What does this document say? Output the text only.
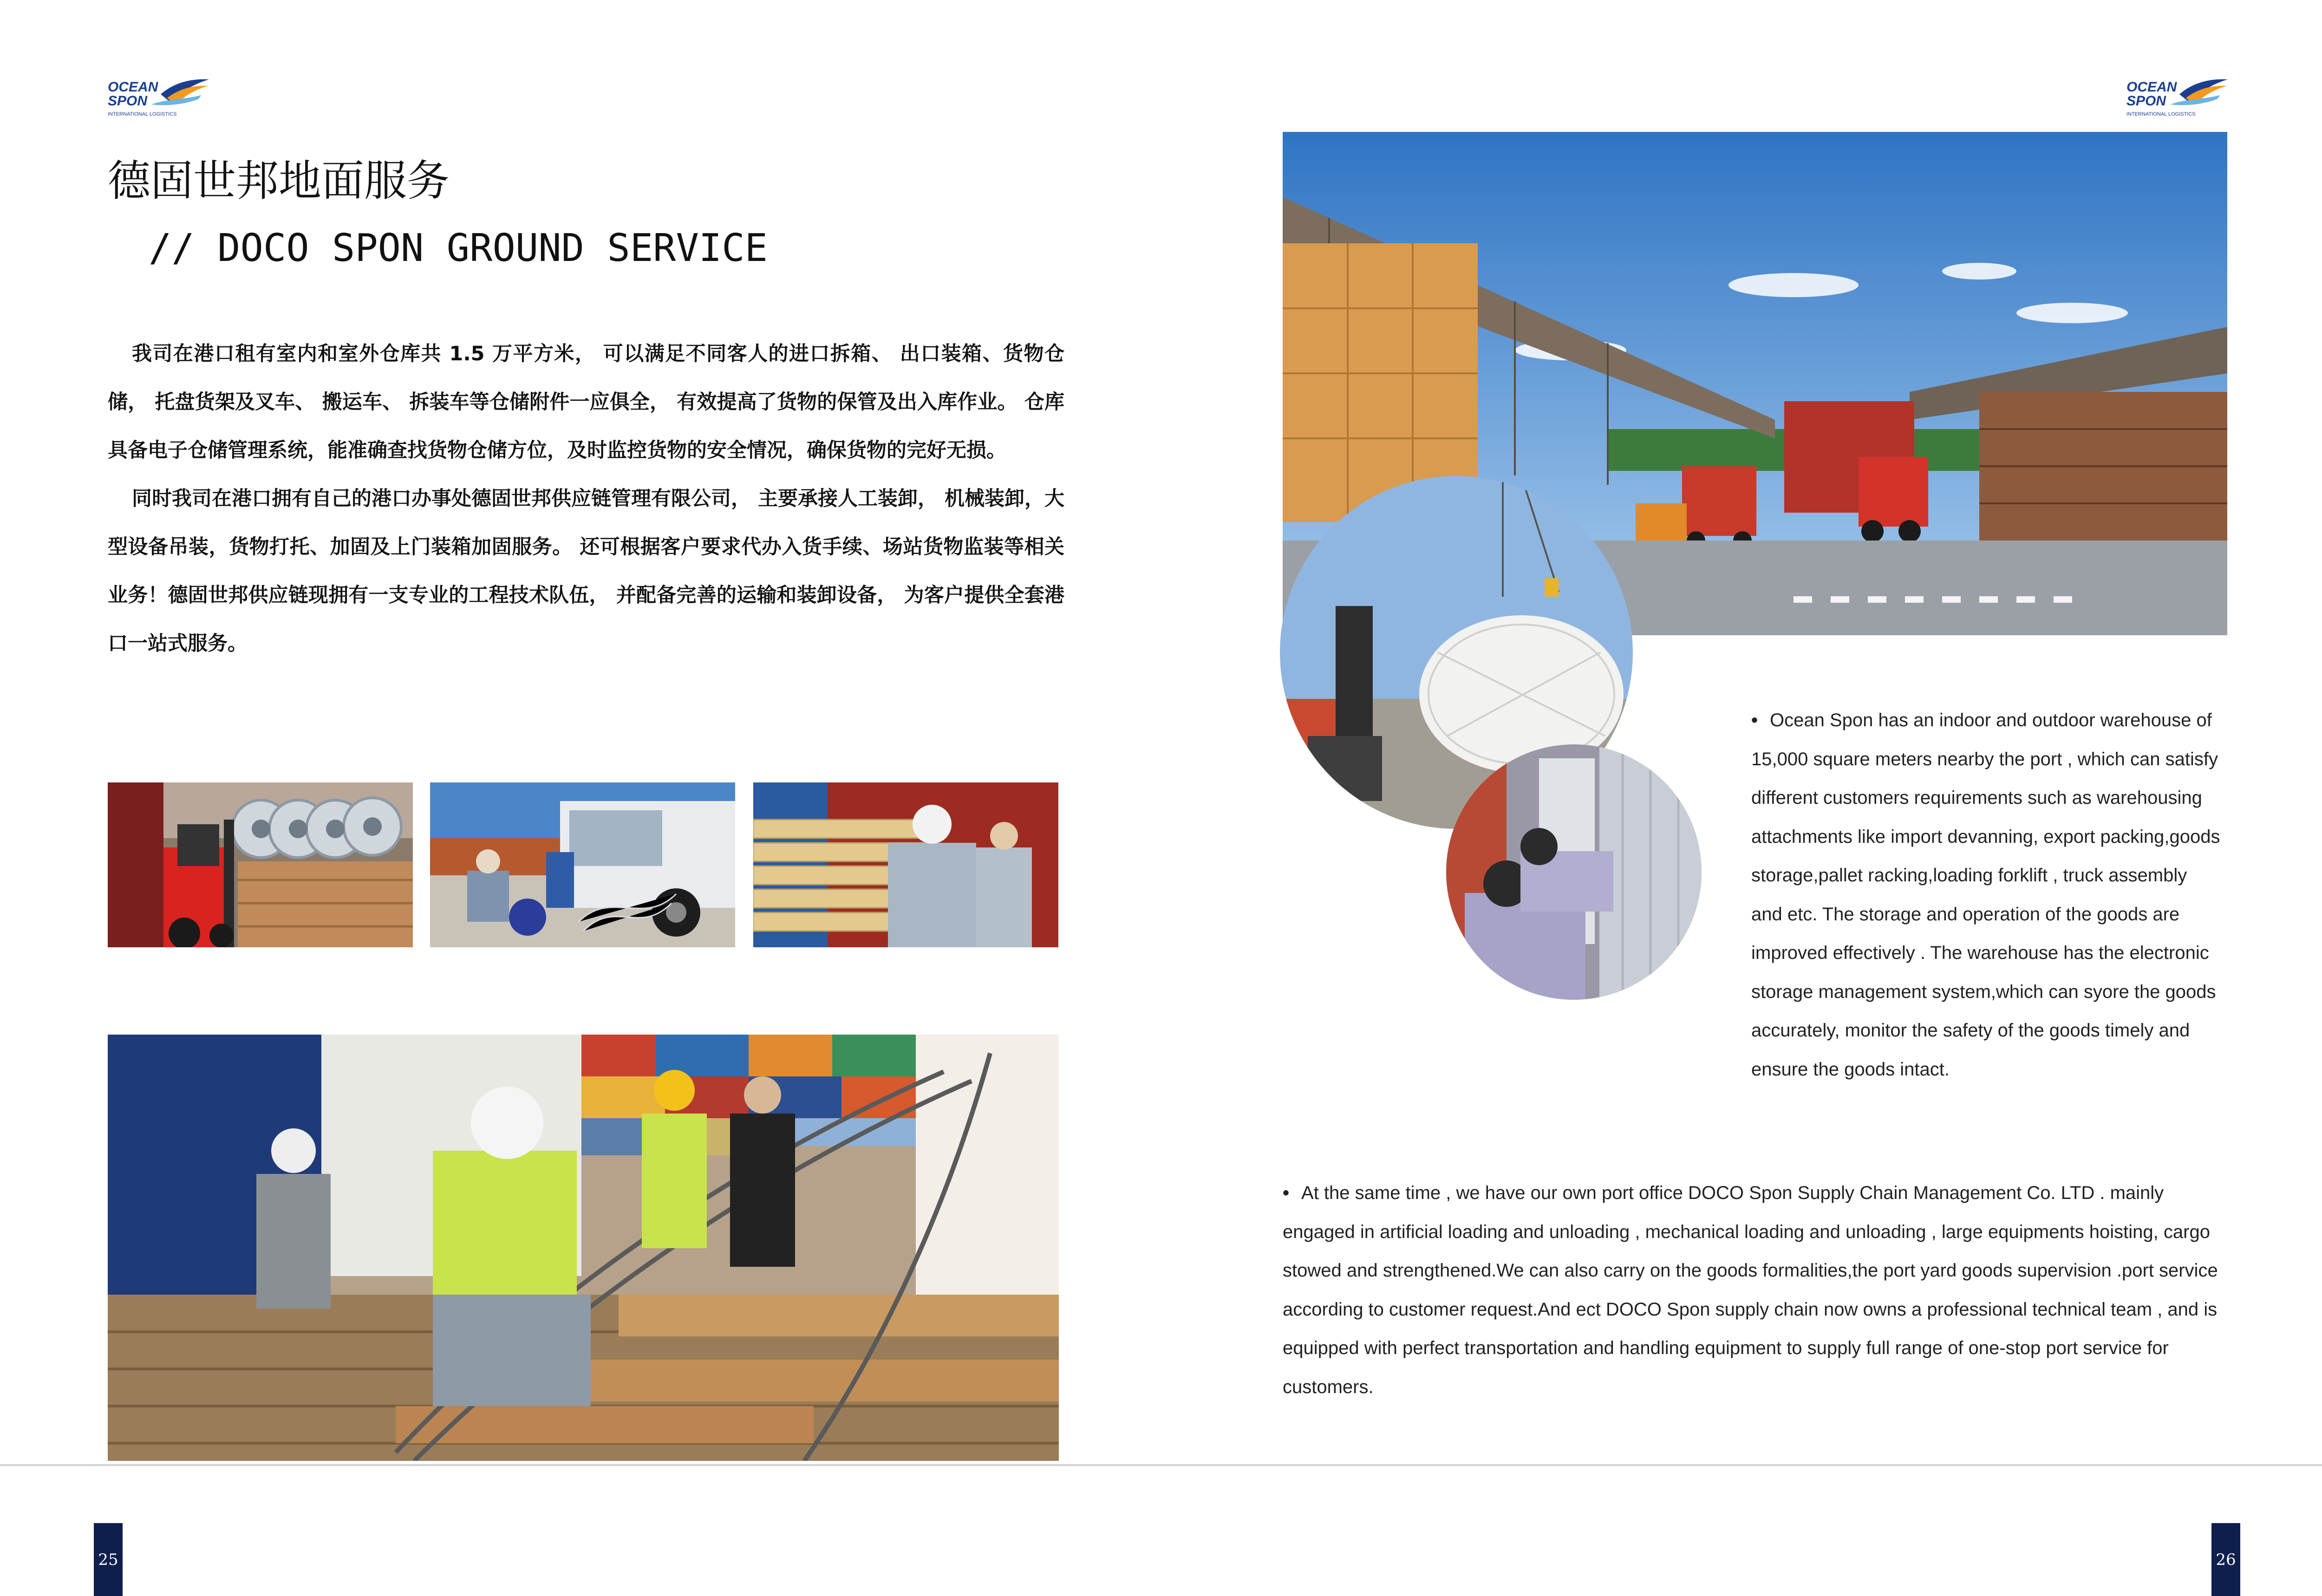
OCEAN
SPON
INTERNATIONAL LOGISTICS
OCEAN
SPON
INTERNATIONAL LOGISTICS
德固世邦地面服务
// DOCO SPON GROUND SERVICE

我司在港口租有室内和室外仓库共 1.5 万平方米， 可以满足不同客人的进口拆箱、 出口装箱、货物仓储， 托盘货架及叉车、 搬运车、 拆装车等仓储附件一应俱全， 有效提高了货物的保管及出入库作业。 仓库具备电子仓储管理系统，能准确查找货物仓储方位，及时监控货物的安全情况，确保货物的完好无损。

同时我司在港口拥有自己的港口办事处德固世邦供应链管理有限公司， 主要承接人工装卸， 机械装卸，大型设备吊装，货物打托、加固及上门装箱加固服务。 还可根据客户要求代办入货手续、场站货物监装等相关业务！德固世邦供应链现拥有一支专业的工程技术队伍， 并配备完善的运输和装卸设备， 为客户提供全套港口一站式服务。

• Ocean Spon has an indoor and outdoor warehouse of 15,000 square meters nearby the port , which can satisfy different customers requirements such as warehousing attachments like import devanning, export packing,goods storage,pallet racking,loading forklift , truck assembly and etc. The storage and operation of the goods are improved effectively . The warehouse has the electronic storage management system,which can syore the goods accurately, monitor the safety of the goods timely and ensure the goods intact.
• At the same time , we have our own port office DOCO Spon Supply Chain Management Co. LTD . mainly engaged in artificial loading and unloading , mechanical loading and unloading , large equipments hoisting, cargo stowed and strengthened.We can also carry on the goods formalities,the port yard goods supervision .port service according to customer request.And ect DOCO Spon supply chain now owns a professional technical team , and is equipped with perfect transportation and handling equipment to supply full range of one-stop port service for customers.
25	26
